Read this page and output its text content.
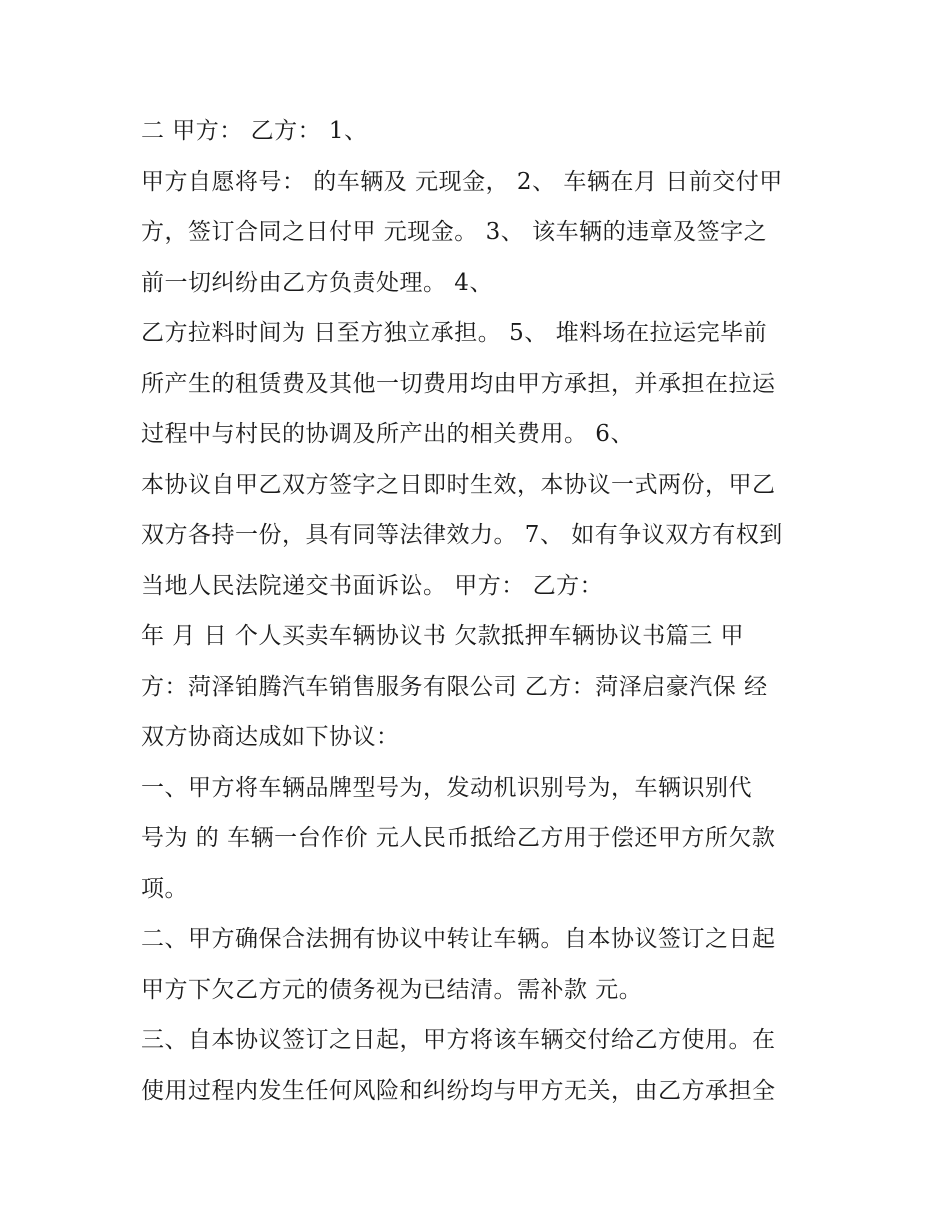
二 甲方： 乙方： 1、
甲方自愿将号： 的车辆及 元现金， 2、 车辆在月 日前交付甲
方，签订合同之日付甲 元现金。 3、 该车辆的违章及签字之
前一切纠纷由乙方负责处理。 4、
乙方拉料时间为 日至方独立承担。 5、 堆料场在拉运完毕前
所产生的租赁费及其他一切费用均由甲方承担，并承担在拉运
过程中与村民的协调及所产出的相关费用。 6、
本协议自甲乙双方签字之日即时生效，本协议一式两份，甲乙
双方各持一份，具有同等法律效力。 7、 如有争议双方有权到
当地人民法院递交书面诉讼。 甲方： 乙方：
年 月 日 个人买卖车辆协议书 欠款抵押车辆协议书篇三 甲
方：菏泽铂腾汽车销售服务有限公司 乙方：菏泽启豪汽保 经
双方协商达成如下协议：
一、甲方将车辆品牌型号为，发动机识别号为，车辆识别代
号为 的 车辆一台作价 元人民币抵给乙方用于偿还甲方所欠款
项。
二、甲方确保合法拥有协议中转让车辆。自本协议签订之日起
甲方下欠乙方元的债务视为已结清。需补款 元。
三、自本协议签订之日起，甲方将该车辆交付给乙方使用。在
使用过程内发生任何风险和纠纷均与甲方无关，由乙方承担全
